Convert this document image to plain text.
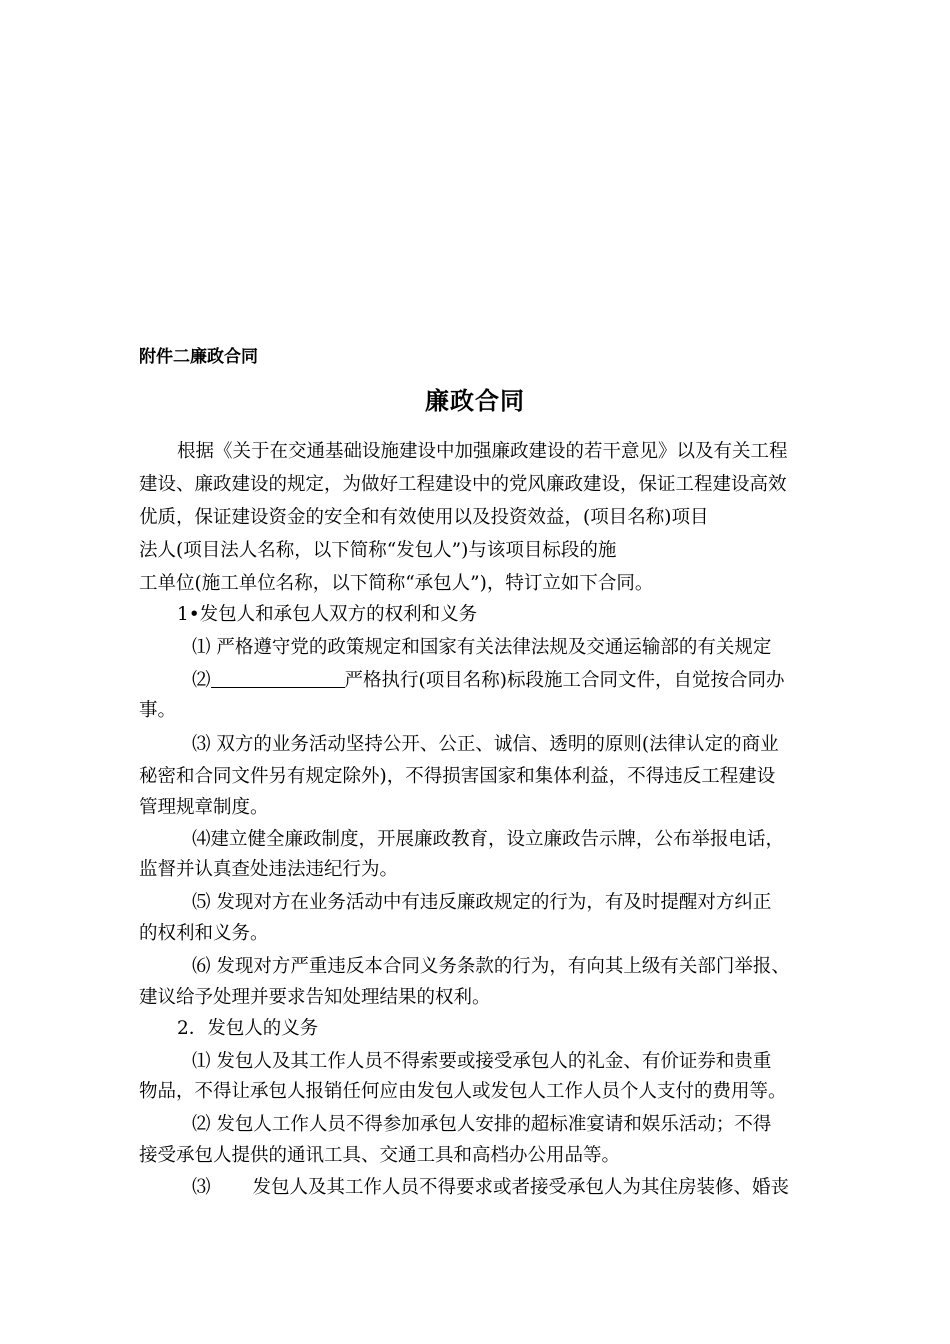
附件二廉政合同
廉政合同
根据《关于在交通基础设施建设中加强廉政建设的若干意见》以及有关工程
建设、廉政建设的规定，为做好工程建设中的党风廉政建设，保证工程建设高效
优质，保证建设资金的安全和有效使用以及投资效益，(项目名称)项目
法人(项目法人名称，以下简称“发包人”)与该项目标段的施
工单位(施工单位名称，以下简称“承包人”)，特订立如下合同。
1•发包人和承包人双方的权利和义务
⑴ 严格遵守党的政策规定和国家有关法律法规及交通运输部的有关规定
⑵	严格执行(项目名称)标段施工合同文件，自觉按合同办
事。
⑶ 双方的业务活动坚持公开、公正、诚信、透明的原则(法律认定的商业
秘密和合同文件另有规定除外)，不得损害国家和集体利益，不得违反工程建设
管理规章制度。
⑷建立健全廉政制度，开展廉政教育，设立廉政告示牌，公布举报电话，
监督并认真查处违法违纪行为。
⑸ 发现对方在业务活动中有违反廉政规定的行为，有及时提醒对方纠正
的权利和义务。
⑹ 发现对方严重违反本合同义务条款的行为，有向其上级有关部门举报、
建议给予处理并要求告知处理结果的权利。
2．发包人的义务
⑴ 发包人及其工作人员不得索要或接受承包人的礼金、有价证券和贵重
物品，不得让承包人报销任何应由发包人或发包人工作人员个人支付的费用等。
⑵ 发包人工作人员不得参加承包人安排的超标准宴请和娱乐活动；不得
接受承包人提供的通讯工具、交通工具和高档办公用品等。
⑶ 发包人及其工作人员不得要求或者接受承包人为其住房装修、婚丧
